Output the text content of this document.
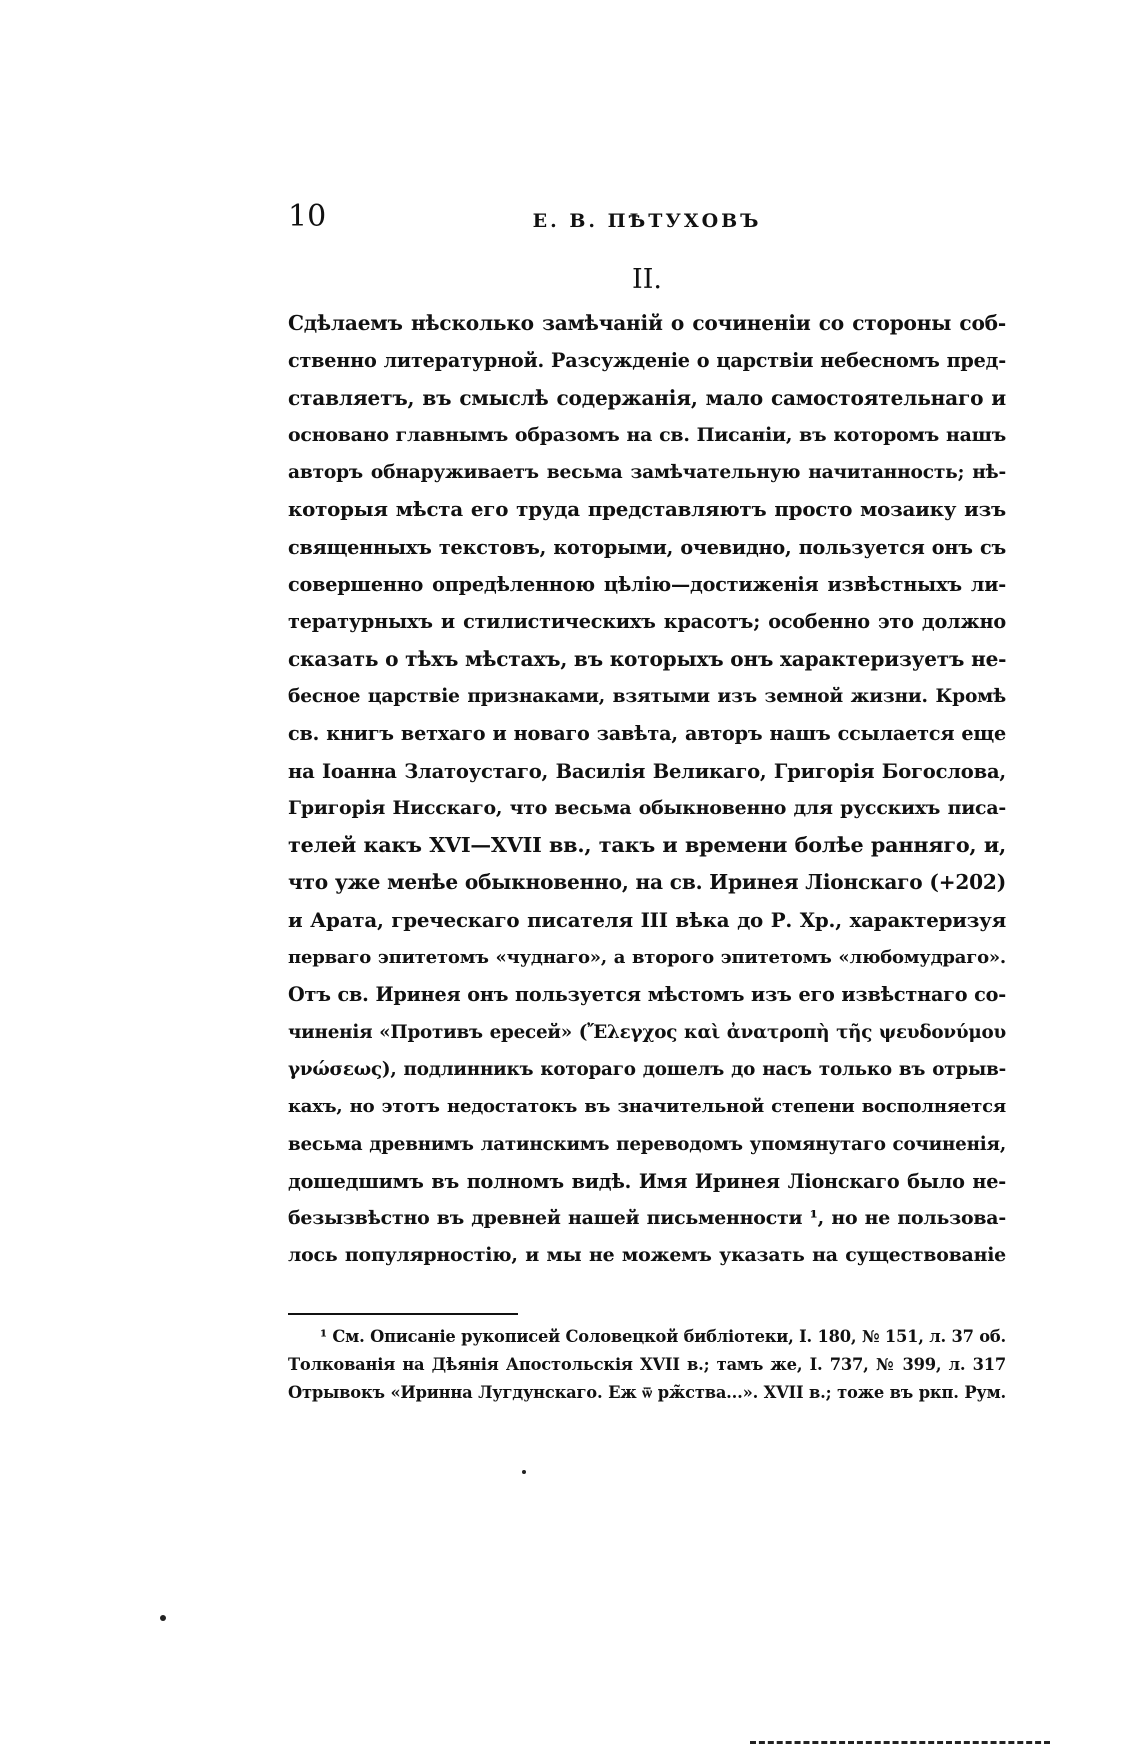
10	Е. В. ПѢТУХОВЪ
II.
Сдѣлаемъ нѣсколько замѣчаній о сочиненіи со стороны соб-
ственно литературной. Разсужденіе о царствіи небесномъ пред-
ставляетъ, въ смыслѣ содержанія, мало самостоятельнаго и
основано главнымъ образомъ на св. Писаніи, въ которомъ нашъ
авторъ обнаруживаетъ весьма замѣчательную начитанность; нѣ-
которыя мѣста его труда представляютъ просто мозаику изъ
священныхъ текстовъ, которыми, очевидно, пользуется онъ съ
совершенно опредѣленною цѣлію—достиженія извѣстныхъ ли-
тературныхъ и стилистическихъ красотъ; особенно это должно
сказать о тѣхъ мѣстахъ, въ которыхъ онъ характеризуетъ не-
бесное царствіе признаками, взятыми изъ земной жизни. Кромѣ
св. книгъ ветхаго и новаго завѣта, авторъ нашъ ссылается еще
на Іоанна Златоустаго, Василія Великаго, Григорія Богослова,
Григорія Нисскаго, что весьма обыкновенно для русскихъ писа-
телей какъ XVI—XVII вв., такъ и времени болѣе ранняго, и,
что уже менѣе обыкновенно, на св. Иринея Ліонскаго (+202)
и Арата, греческаго писателя III вѣка до Р. Хр., характеризуя
перваго эпитетомъ «чуднаго», а второго эпитетомъ «любомудраго».
Отъ св. Иринея онъ пользуется мѣстомъ изъ его извѣстнаго со-
чиненія «Противъ ересей» (Ἔλεγχος καὶ ἀνατροπὴ τῆς ψευδονύμου
γνώσεως), подлинникъ котораго дошелъ до насъ только въ отрыв-
кахъ, но этотъ недостатокъ въ значительной степени восполняется
весьма древнимъ латинскимъ переводомъ упомянутаго сочиненія,
дошедшимъ въ полномъ видѣ. Имя Иринея Ліонскаго было не-
безызвѣстно въ древней нашей письменности ¹, но не пользова-
лось популярностію, и мы не можемъ указать на существованіе
¹ См. Описаніе рукописей Соловецкой библіотеки, I. 180, № 151, л. 37 об.
Толкованія на Дѣянія Апостольскія XVII в.; тамъ же, I. 737, № 399, л. 317
Отрывокъ «Иринна Лугдунскаго. Еж ѿ рж̃ства...». XVII в.; тоже въ ркп. Рум.
